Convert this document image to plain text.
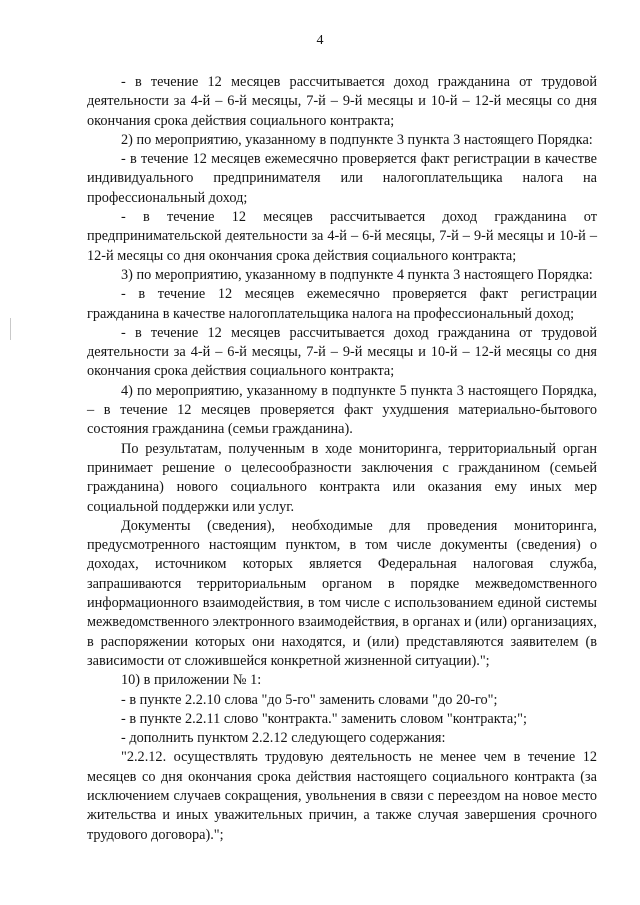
4

- в течение 12 месяцев рассчитывается доход гражданина от трудовой деятельности за 4-й – 6-й месяцы, 7-й – 9-й месяцы и 10-й – 12-й месяцы со дня окончания срока действия социального контракта;

2) по мероприятию, указанному в подпункте 3 пункта 3 настоящего Порядка:

- в течение 12 месяцев ежемесячно проверяется факт регистрации в качестве индивидуального предпринимателя или налогоплательщика налога на профессиональный доход;

- в течение 12 месяцев рассчитывается доход гражданина от предпринимательской деятельности за 4-й – 6-й месяцы, 7-й – 9-й месяцы и 10-й – 12-й месяцы со дня окончания срока действия социального контракта;

3) по мероприятию, указанному в подпункте 4 пункта 3 настоящего Порядка:

- в течение 12 месяцев ежемесячно проверяется факт регистрации гражданина в качестве налогоплательщика налога на профессиональный доход;

- в течение 12 месяцев рассчитывается доход гражданина от трудовой деятельности за 4-й – 6-й месяцы, 7-й – 9-й месяцы и 10-й – 12-й месяцы со дня окончания срока действия социального контракта;

4) по мероприятию, указанному в подпункте 5 пункта 3 настоящего Порядка, – в течение 12 месяцев проверяется факт ухудшения материально-бытового состояния гражданина (семьи гражданина).

По результатам, полученным в ходе мониторинга, территориальный орган принимает решение о целесообразности заключения с гражданином (семьей гражданина) нового социального контракта или оказания ему иных мер социальной поддержки или услуг.

Документы (сведения), необходимые для проведения мониторинга, предусмотренного настоящим пунктом, в том числе документы (сведения) о доходах, источником которых является Федеральная налоговая служба, запрашиваются территориальным органом в порядке межведомственного информационного взаимодействия, в том числе с использованием единой системы межведомственного электронного взаимодействия, в органах и (или) организациях, в распоряжении которых они находятся, и (или) представляются заявителем (в зависимости от сложившейся конкретной жизненной ситуации).";

10) в приложении № 1:

- в пункте 2.2.10 слова "до 5-го" заменить словами "до 20-го";

- в пункте 2.2.11 слово "контракта." заменить словом "контракта;";

- дополнить пунктом 2.2.12 следующего содержания:

"2.2.12. осуществлять трудовую деятельность не менее чем в течение 12 месяцев со дня окончания срока действия настоящего социального контракта (за исключением случаев сокращения, увольнения в связи с переездом на новое место жительства и иных уважительных причин, а также случая завершения срочного трудового договора).";
